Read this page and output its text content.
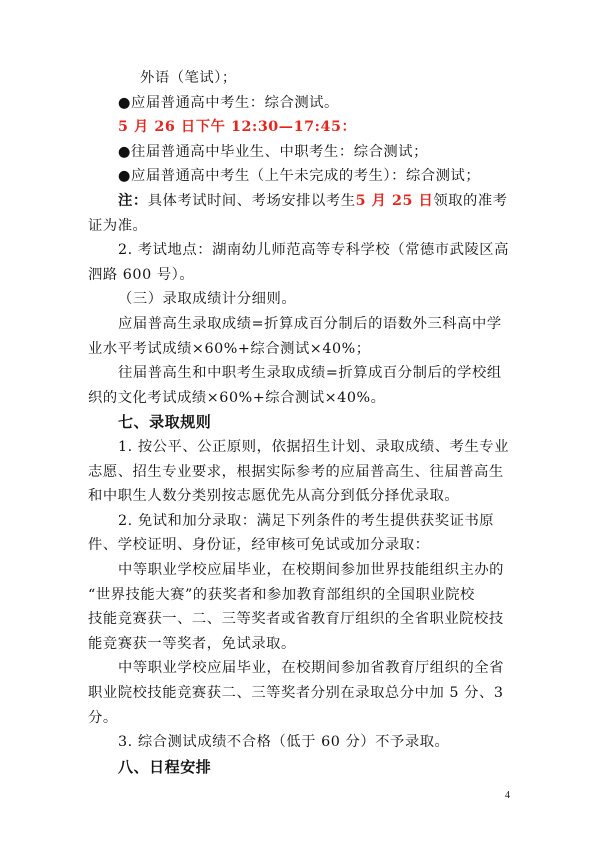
外语（笔试）；
●应届普通高中考生：综合测试。
5 月 26 日下午 12:30—17:45：
●往届普通高中毕业生、中职考生：综合测试；
●应届普通高中考生（上午未完成的考生）：综合测试；
注：具体考试时间、考场安排以考生5 月 25 日领取的准考
证为准。
2. 考试地点：湖南幼儿师范高等专科学校（常德市武陵区高
泗路 600 号）。
（三）录取成绩计分细则。
应届普高生录取成绩=折算成百分制后的语数外三科高中学
业水平考试成绩×60%+综合测试×40%；
往届普高生和中职考生录取成绩=折算成百分制后的学校组
织的文化考试成绩×60%+综合测试×40%。
七、录取规则
1. 按公平、公正原则，依据招生计划、录取成绩、考生专业
志愿、招生专业要求，根据实际参考的应届普高生、往届普高生
和中职生人数分类别按志愿优先从高分到低分择优录取。
2. 免试和加分录取：满足下列条件的考生提供获奖证书原
件、学校证明、身份证，经审核可免试或加分录取：
中等职业学校应届毕业，在校期间参加世界技能组织主办的
“世界技能大赛”的获奖者和参加教育部组织的全国职业院校
技能竞赛获一、二、三等奖者或省教育厅组织的全省职业院校技
能竞赛获一等奖者，免试录取。
中等职业学校应届毕业，在校期间参加省教育厅组织的全省
职业院校技能竞赛获二、三等奖者分别在录取总分中加 5 分、3
分。
3. 综合测试成绩不合格（低于 60 分）不予录取。
八、日程安排
4
